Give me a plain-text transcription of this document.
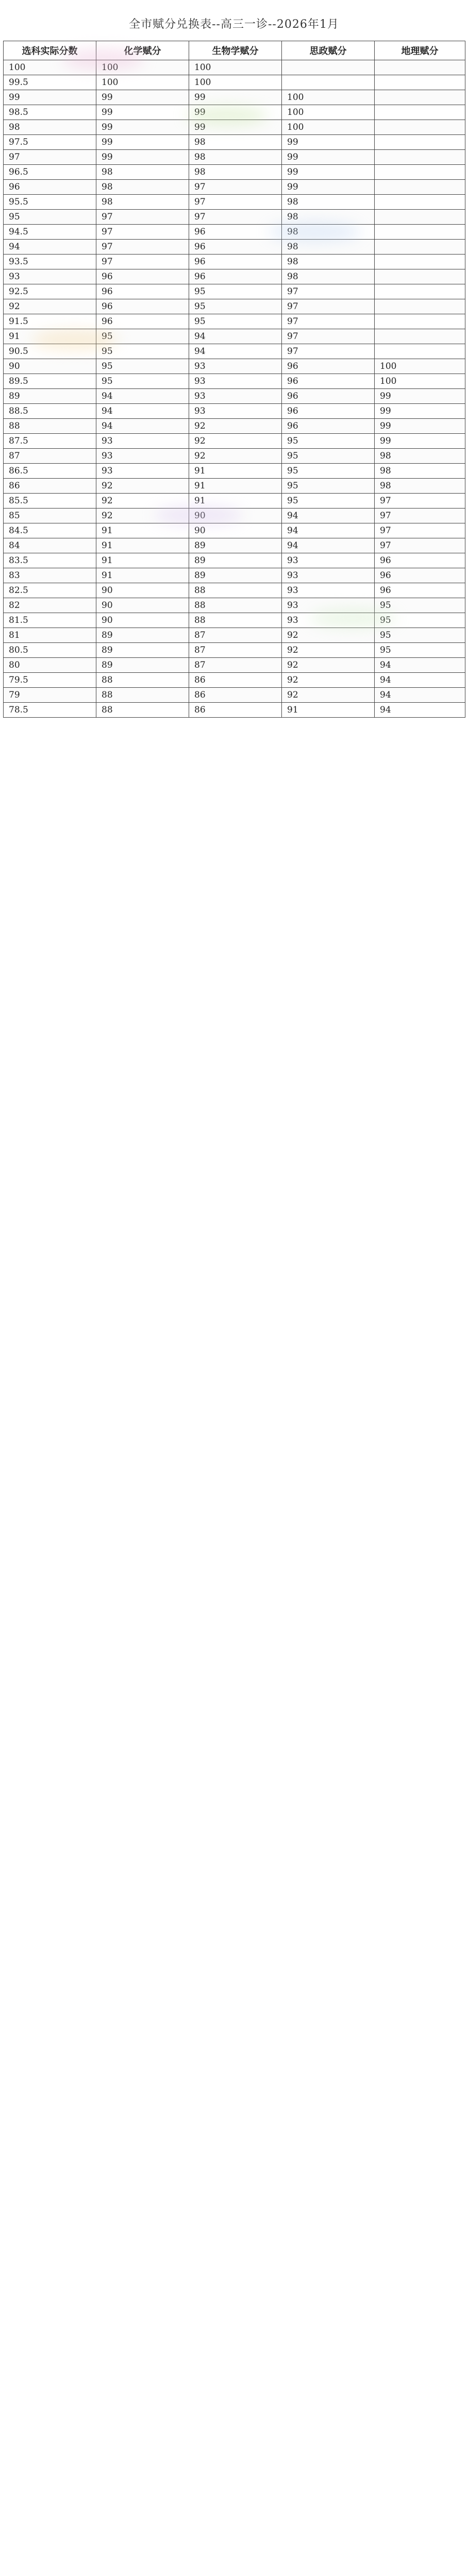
全市赋分兑换表--高三一诊--2026年1月
选科实际分数	化学赋分	生物学赋分	思政赋分	地理赋分
100	100	100		
99.5	100	100		
99	99	99	100	
98.5	99	99	100	
98	99	99	100	
97.5	99	98	99	
97	99	98	99	
96.5	98	98	99	
96	98	97	99	
95.5	98	97	98	
95	97	97	98	
94.5	97	96	98	
94	97	96	98	
93.5	97	96	98	
93	96	96	98	
92.5	96	95	97	
92	96	95	97	
91.5	96	95	97	
91	95	94	97	
90.5	95	94	97	
90	95	93	96	100
89.5	95	93	96	100
89	94	93	96	99
88.5	94	93	96	99
88	94	92	96	99
87.5	93	92	95	99
87	93	92	95	98
86.5	93	91	95	98
86	92	91	95	98
85.5	92	91	95	97
85	92	90	94	97
84.5	91	90	94	97
84	91	89	94	97
83.5	91	89	93	96
83	91	89	93	96
82.5	90	88	93	96
82	90	88	93	95
81.5	90	88	93	95
81	89	87	92	95
80.5	89	87	92	95
80	89	87	92	94
79.5	88	86	92	94
79	88	86	92	94
78.5	88	86	91	94
